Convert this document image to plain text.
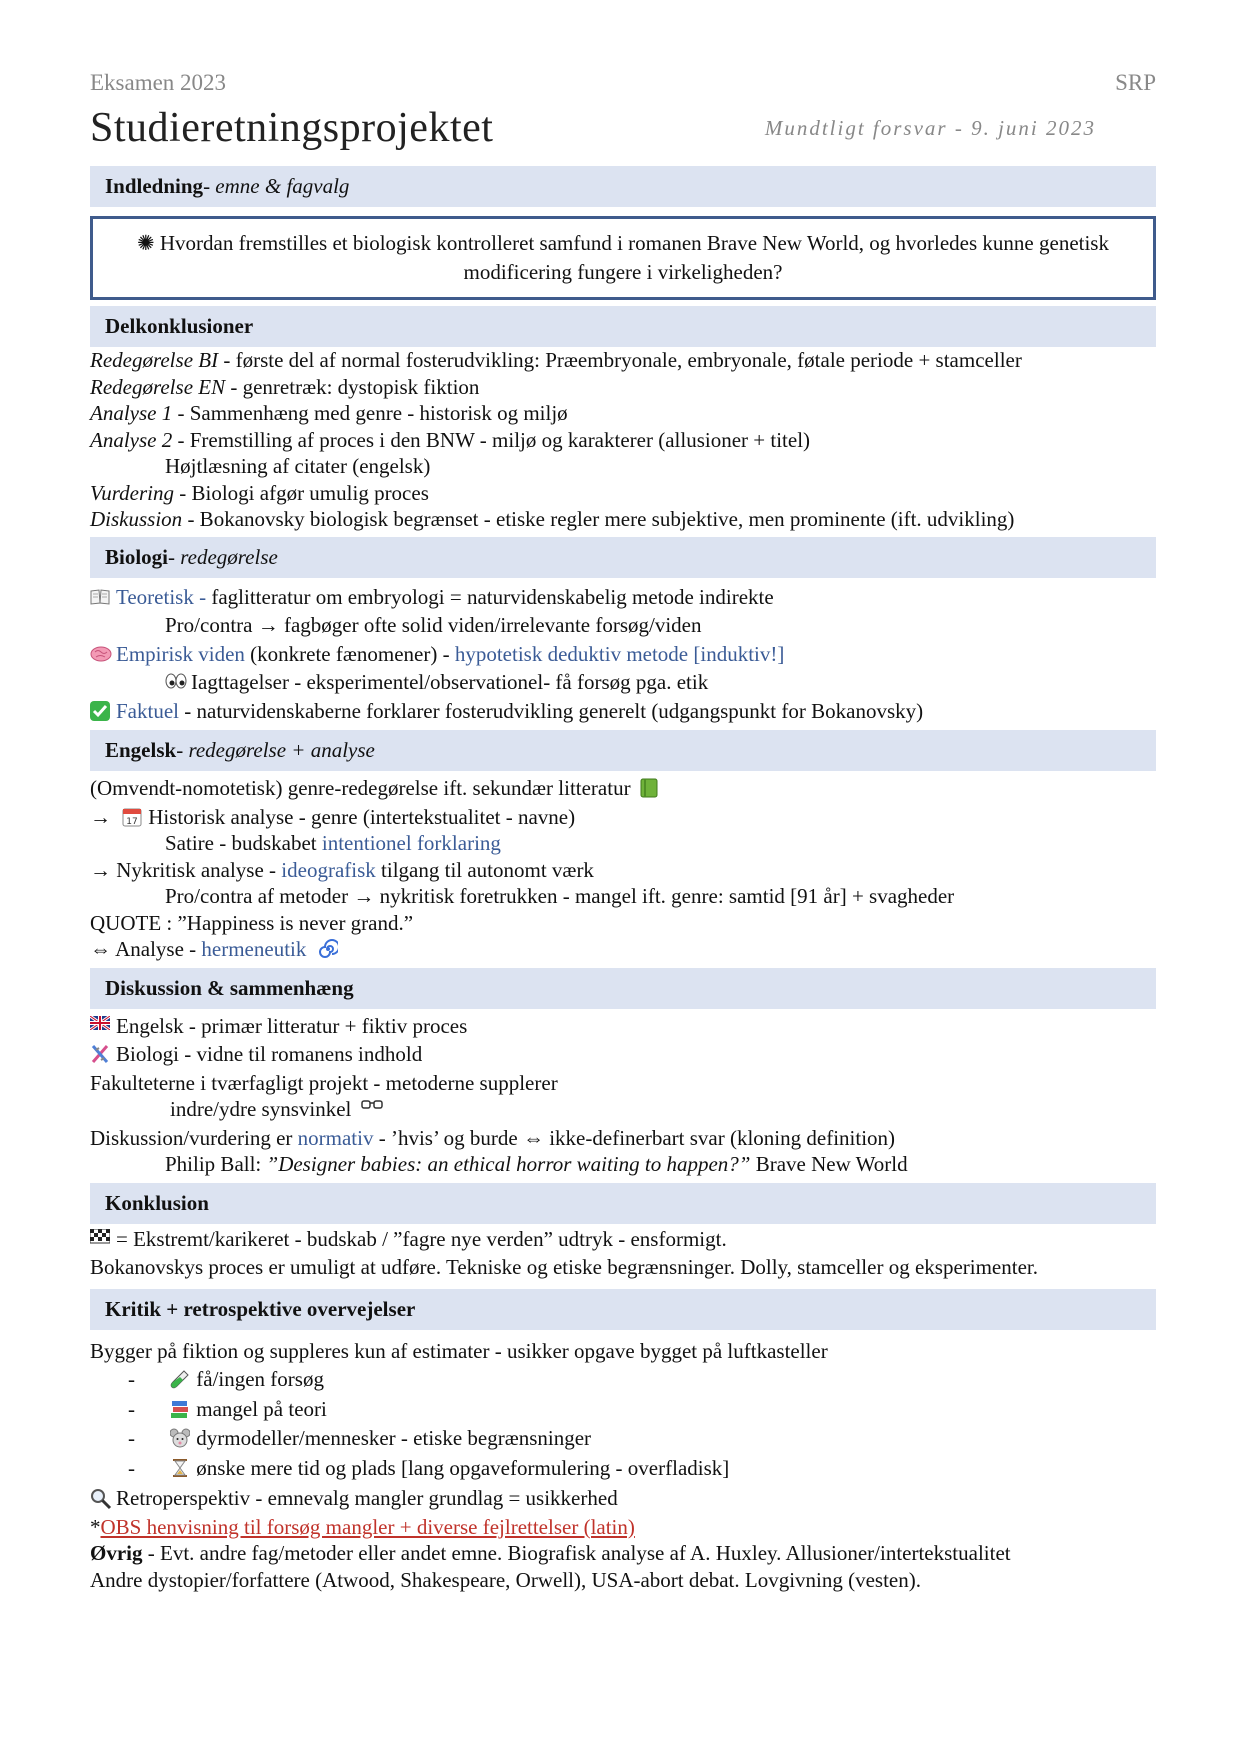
Eksamen 2023	SRP
Studieretningsprojektet	Mundtligt forsvar - 9. juni 2023
Indledning - emne & fagvalg
✺ Hvordan fremstilles et biologisk kontrolleret samfund i romanen Brave New World, og hvorledes kunne genetisk modificering fungere i virkeligheden?
Delkonklusioner
Redegørelse BI - første del af normal fosterudvikling: Præembryonale, embryonale, føtale periode + stamceller
Redegørelse EN - genretræk: dystopisk fiktion
Analyse 1 - Sammenhæng med genre - historisk og miljø
Analyse 2 - Fremstilling af proces i den BNW - miljø og karakterer (allusioner + titel)
Højtlæsning af citater (engelsk)
Vurdering - Biologi afgør umulig proces
Diskussion - Bokanovsky biologisk begrænset - etiske regler mere subjektive, men prominente (ift. udvikling)
Biologi - redegørelse
Teoretisk - faglitteratur om embryologi = naturvidenskabelig metode indirekte
Pro/contra → fagbøger ofte solid viden/irrelevante forsøg/viden
Empirisk viden (konkrete fænomener) - hypotetisk deduktiv metode [induktiv!]
Iagttagelser - eksperimentel/observationel- få forsøg pga. etik
Faktuel - naturvidenskaberne forklarer fosterudvikling generelt (udgangspunkt for Bokanovsky)
Engelsk - redegørelse + analyse
(Omvendt-nomotetisk) genre-redegørelse ift. sekundær litteratur
→ 17 Historisk analyse - genre (intertekstualitet - navne)
Satire - budskabet intentionel forklaring
→ Nykritisk analyse - ideografisk tilgang til autonomt værk
Pro/contra af metoder → nykritisk foretrukken - mangel ift. genre: samtid [91 år] + svagheder
QUOTE : ”Happiness is never grand.”
⇔ Analyse - hermeneutik
Diskussion & sammenhæng
Engelsk - primær litteratur + fiktiv proces
Biologi - vidne til romanens indhold
Fakulteterne i tværfagligt projekt - metoderne supplerer
indre/ydre synsvinkel
Diskussion/vurdering er normativ - ’hvis’ og burde ⇔ ikke-definerbart svar (kloning definition)
Philip Ball: ”Designer babies: an ethical horror waiting to happen?” Brave New World
Konklusion
= Ekstremt/karikeret - budskab / ”fagre nye verden” udtryk - ensformigt.
Bokanovskys proces er umuligt at udføre. Tekniske og etiske begrænsninger. Dolly, stamceller og eksperimenter.
Kritik + retrospektive overvejelser
Bygger på fiktion og suppleres kun af estimater - usikker opgave bygget på luftkasteller
-	få/ingen forsøg
-	mangel på teori
-	dyrmodeller/mennesker - etiske begrænsninger
-	ønske mere tid og plads [lang opgaveformulering - overfladisk]
Retroperspektiv - emnevalg mangler grundlag = usikkerhed
*OBS henvisning til forsøg mangler + diverse fejlrettelser (latin)
Øvrig - Evt. andre fag/metoder eller andet emne. Biografisk analyse af A. Huxley. Allusioner/intertekstualitet
Andre dystopier/forfattere (Atwood, Shakespeare, Orwell), USA-abort debat. Lovgivning (vesten).
